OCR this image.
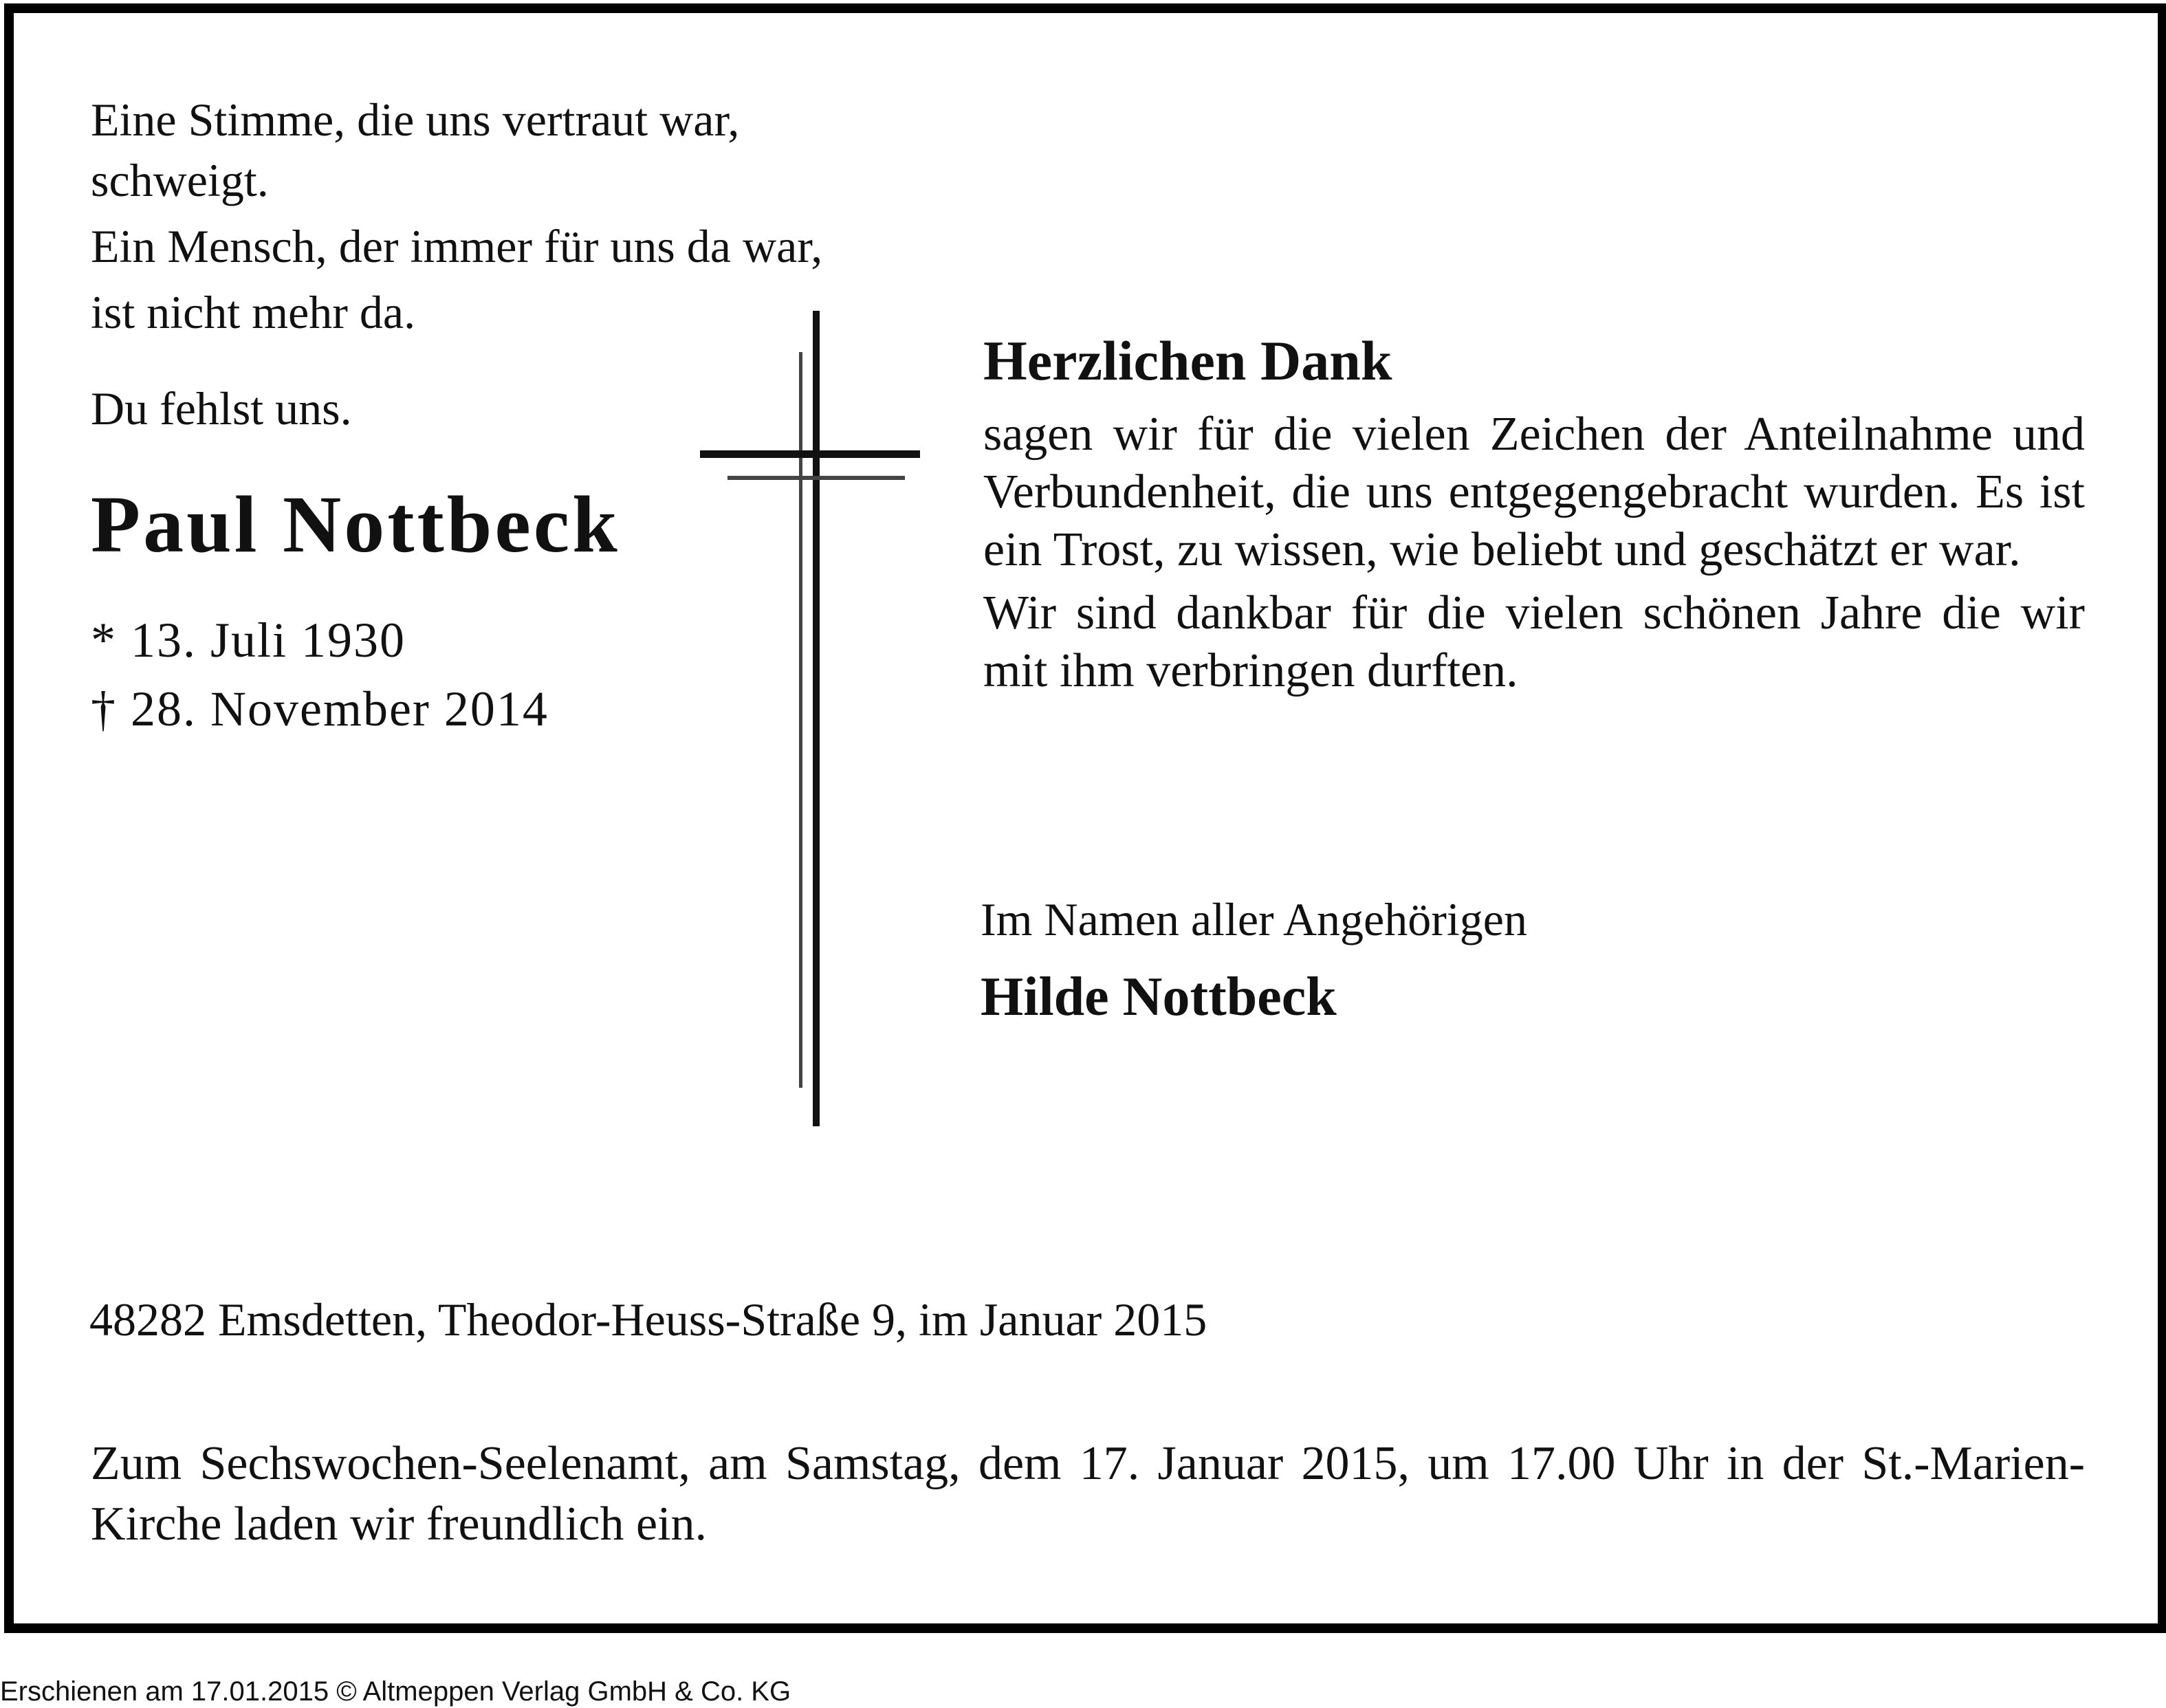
Eine Stimme, die uns vertraut war,
schweigt.
Ein Mensch, der immer für uns da war,
ist nicht mehr da.
Du fehlst uns.
Paul Nottbeck
* 13. Juli 1930
† 28. November 2014
Herzlichen Dank

sagen wir für die vielen Zeichen der Anteilnahme und Verbundenheit, die uns entgegengebracht wurden. Es ist ein Trost, zu wissen, wie beliebt und geschätzt er war.

Wir sind dankbar für die vielen schönen Jahre die wir mit ihm verbringen durften.

Im Namen aller Angehörigen
Hilde Nottbeck
48282 Emsdetten, Theodor-Heuss-Straße 9, im Januar 2015
Zum Sechswochen-Seelenamt, am Samstag, dem 17. Januar 2015, um 17.00 Uhr in der St.-Marien-Kirche laden wir freundlich ein.
Erschienen am 17.01.2015 © Altmeppen Verlag GmbH & Co. KG
